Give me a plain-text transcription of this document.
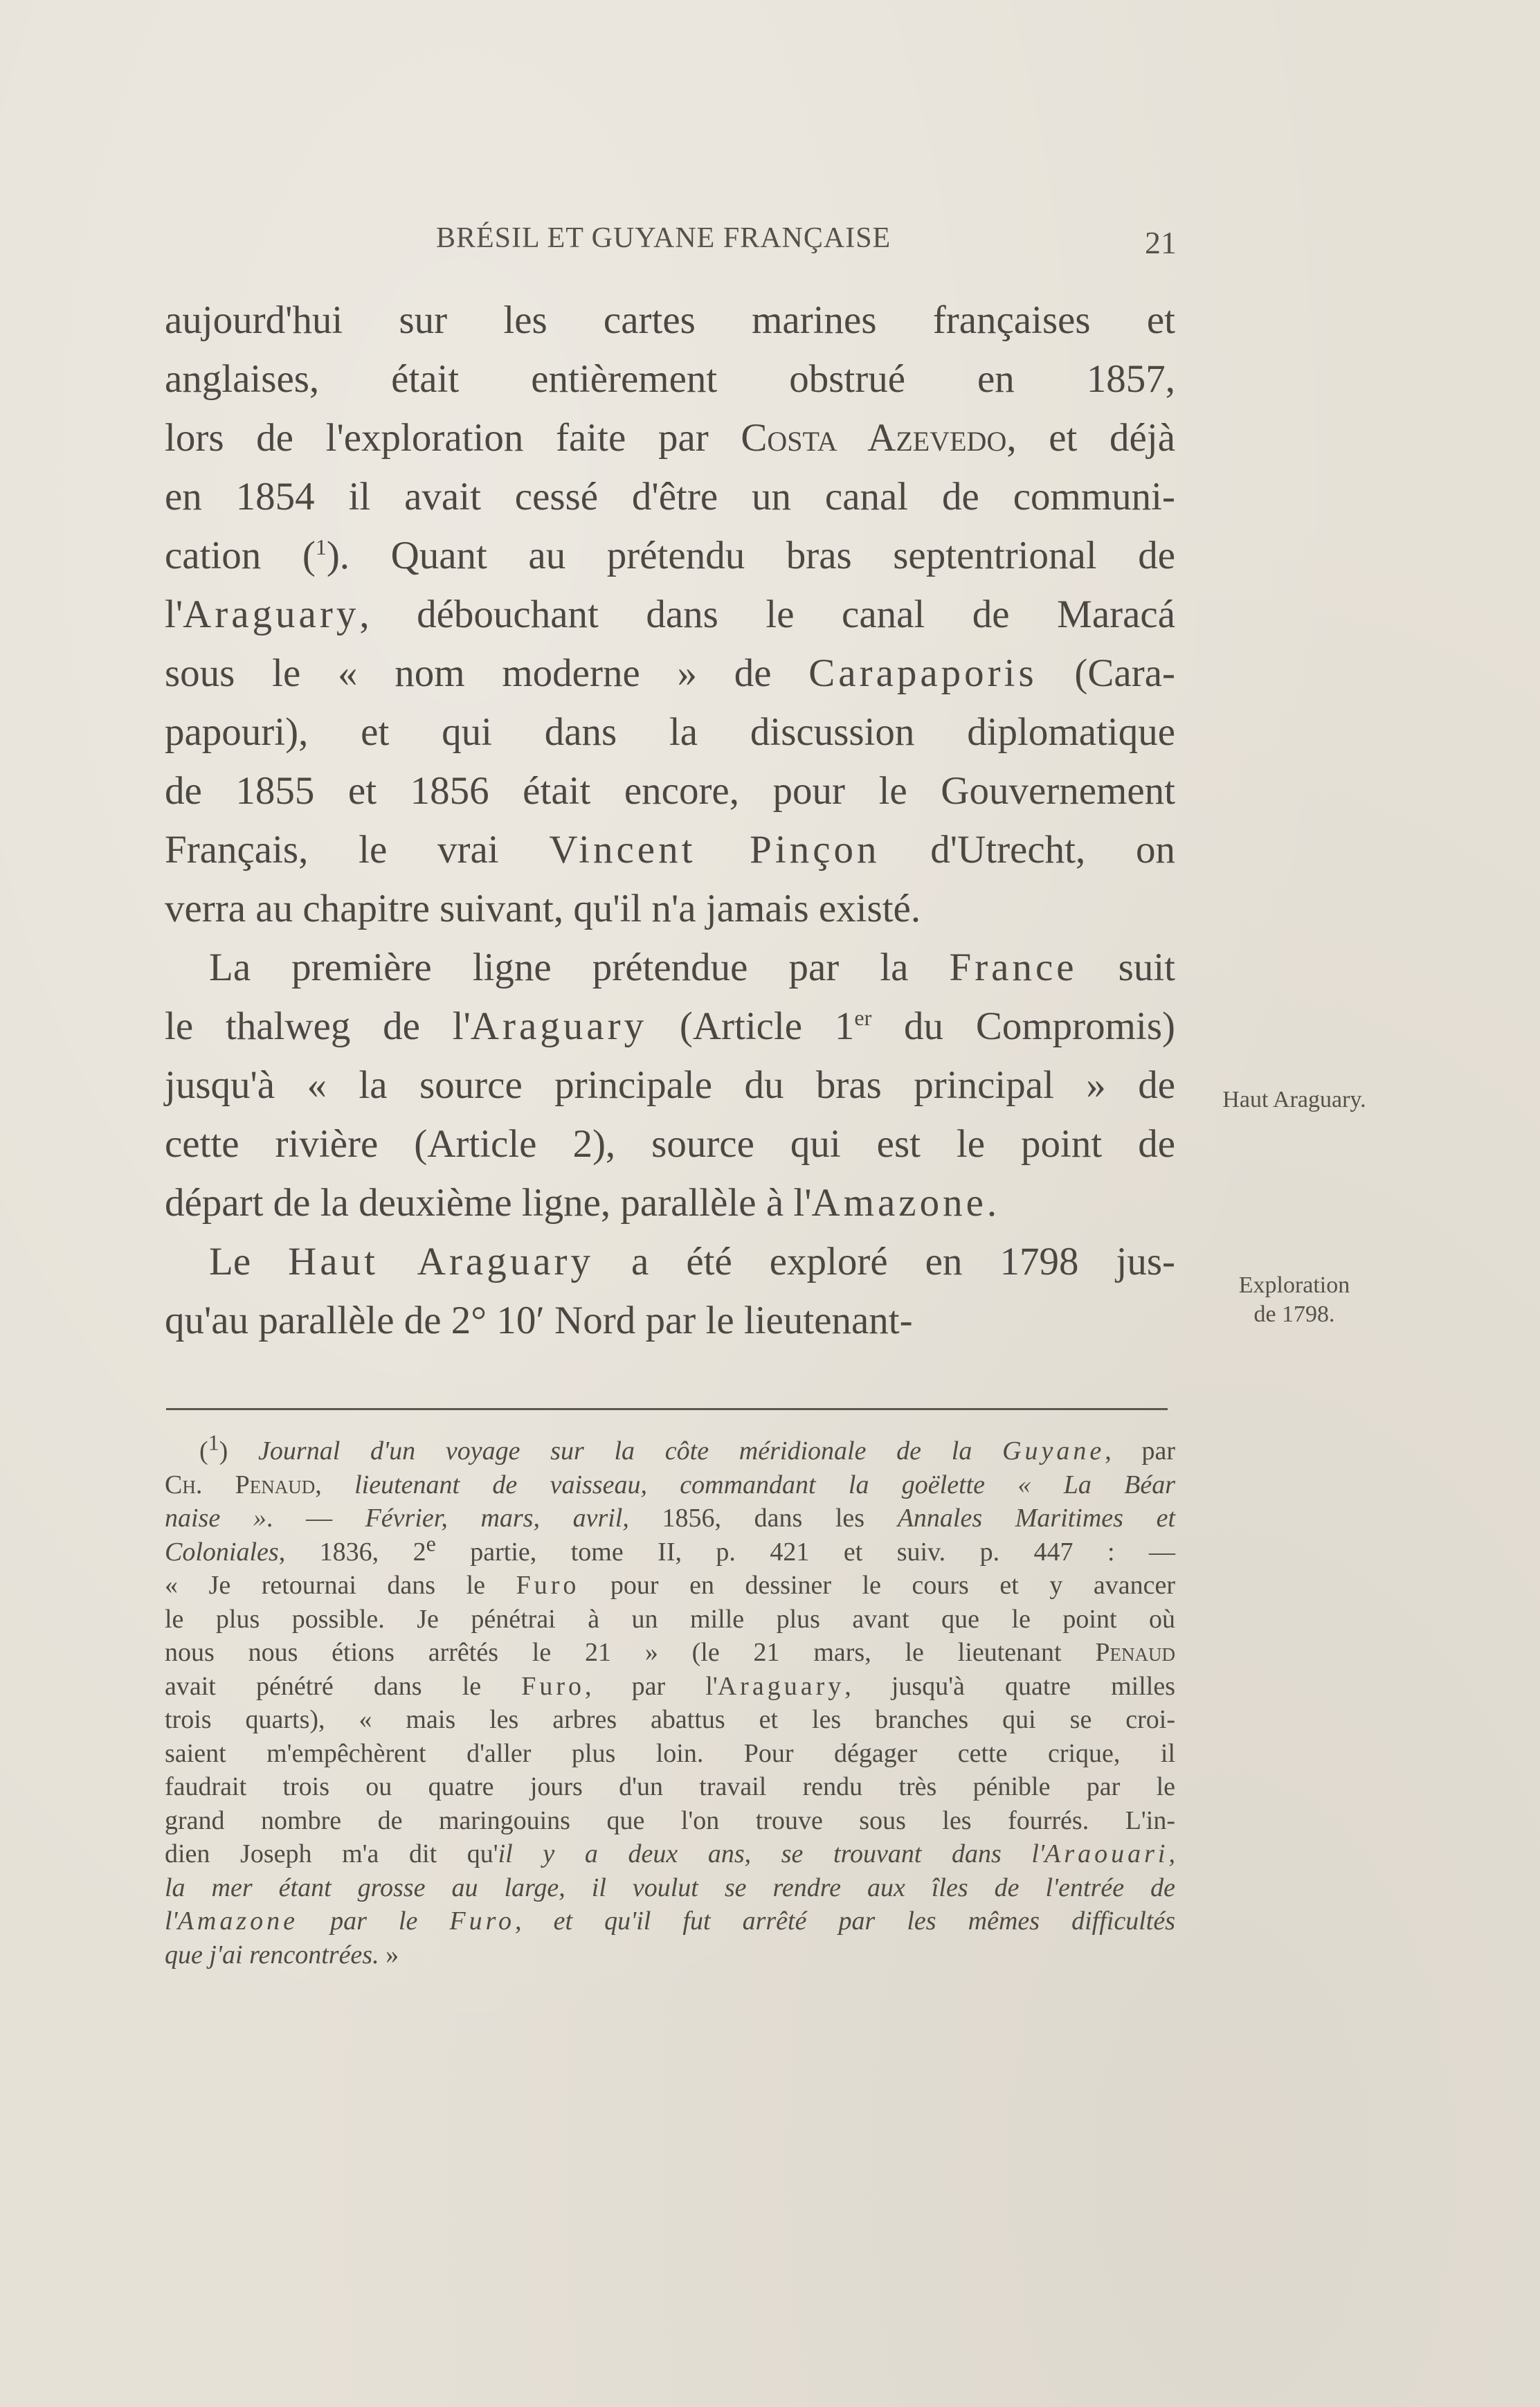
BRÉSIL ET GUYANE FRANÇAISE	21
aujourd'hui sur les cartes marines françaises et
anglaises, était entièrement obstrué en 1857,
lors de l'exploration faite par Costa Azevedo, et déjà
en 1854 il avait cessé d'être un canal de communi-
cation ($^1$). Quant au prétendu bras septentrional de
l'Araguary, débouchant dans le canal de Maracá
sous le « nom moderne » de Carapaporis (Cara-
papouri), et qui dans la discussion diplomatique
de 1855 et 1856 était encore, pour le Gouvernement
Français, le vrai Vincent Pinçon d'Utrecht, on
verra au chapitre suivant, qu'il n'a jamais existé.
La première ligne prétendue par la France suit
le thalweg de l'Araguary (Article 1er du Compromis)
jusqu'à « la source principale du bras principal » de
cette rivière (Article 2), source qui est le point de
départ de la deuxième ligne, parallèle à l'Amazone.
Le Haut Araguary a été exploré en 1798 jus-
qu'au parallèle de 2° 10′ Nord par le lieutenant-
Haut Araguary.
Exploration
de 1798.
($^1$) Journal d'un voyage sur la côte méridionale de la Guyane, par
Ch. Penaud, lieutenant de vaisseau, commandant la goëlette « La Béar
naise ». — Février, mars, avril, 1856, dans les Annales Maritimes et
Coloniales, 1836, 2e partie, tome II, p. 421 et suiv. p. 447 : —
« Je retournai dans le Furo pour en dessiner le cours et y avancer
le plus possible. Je pénétrai à un mille plus avant que le point où
nous nous étions arrêtés le 21 » (le 21 mars, le lieutenant Penaud
avait pénétré dans le Furo, par l'Araguary, jusqu'à quatre milles
trois quarts), « mais les arbres abattus et les branches qui se croi-
saient m'empêchèrent d'aller plus loin. Pour dégager cette crique, il
faudrait trois ou quatre jours d'un travail rendu très pénible par le
grand nombre de maringouins que l'on trouve sous les fourrés. L'in-
dien Joseph m'a dit qu'il y a deux ans, se trouvant dans l'Araouari,
la mer étant grosse au large, il voulut se rendre aux îles de l'entrée de
l'Amazone par le Furo, et qu'il fut arrêté par les mêmes difficultés
que j'ai rencontrées. »
